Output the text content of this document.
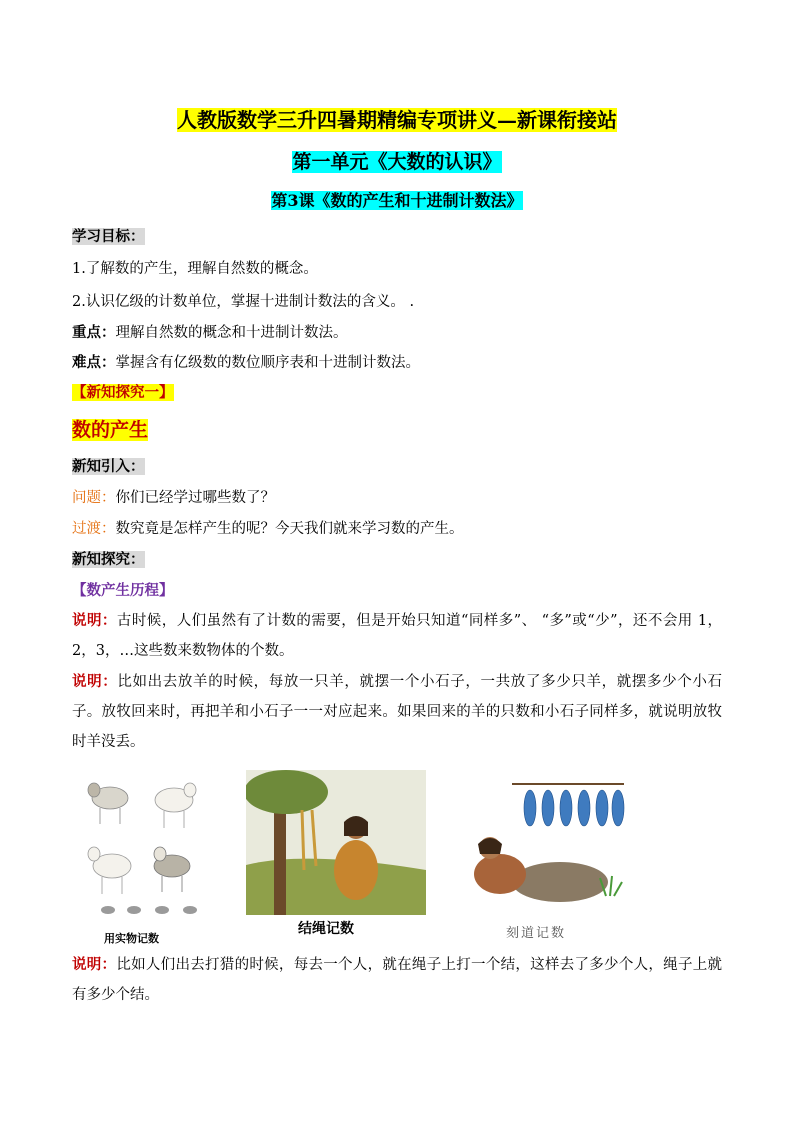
人教版数学三升四暑期精编专项讲义—新课衔接站
第一单元《大数的认识》
第3课《数的产生和十进制计数法》
学习目标：
1.了解数的产生，理解自然数的概念。
2.认识亿级的计数单位，掌握十进制计数法的含义。 .
重点：理解自然数的概念和十进制计数法。
难点：掌握含有亿级数的数位顺序表和十进制计数法。
【新知探究一】
数的产生
新知引入：
问题：你们已经学过哪些数了？
过渡：数究竟是怎样产生的呢？今天我们就来学习数的产生。
新知探究：
【数产生历程】
说明：古时候，人们虽然有了计数的需要，但是开始只知道“同样多”、 “多”或“少”，还不会用 1，2，3，…这些数来数物体的个数。
说明：比如出去放羊的时候，每放一只羊，就摆一个小石子，一共放了多少只羊，就摆多少个小石子。放牧回来时，再把羊和小石子一一对应起来。如果回来的羊的只数和小石子同样多，就说明放牧时羊没丢。
用实物记数
结绳记数	刻道记数
说明：比如人们出去打猎的时候，每去一个人，就在绳子上打一个结，这样去了多少个人，绳子上就有多少个结。
